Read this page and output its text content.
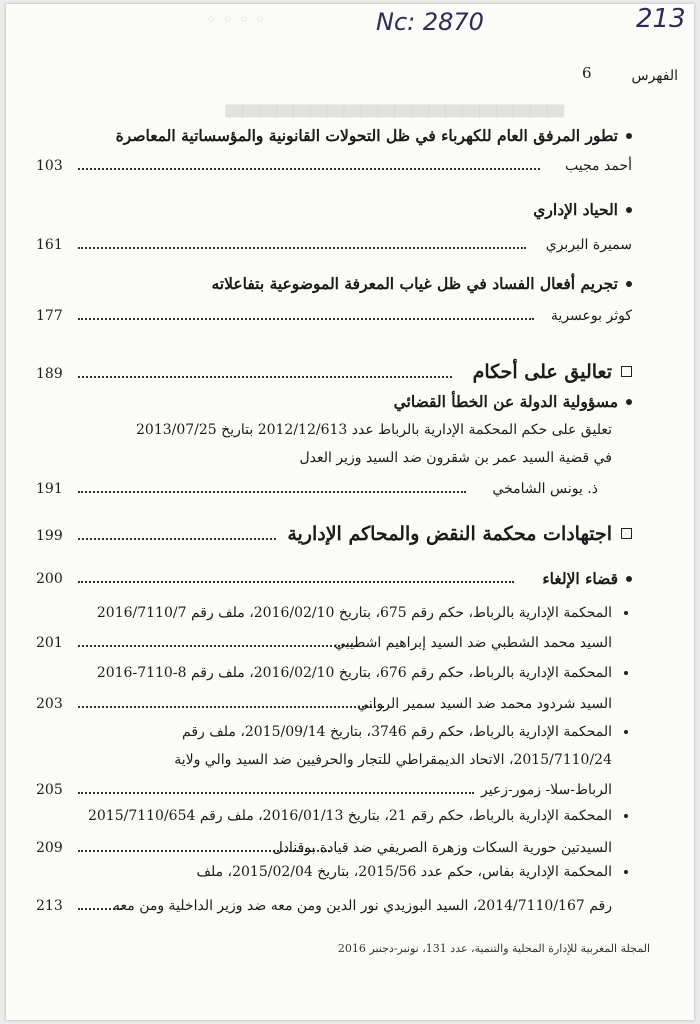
◦ ◦ ◦ ◦	Nc: 2870	213
▄▄▄▄▄▄▄▄▄▄▄▄▄▄▄▄▄▄▄▄
6	الفهرس
تطور المرفق العام للكهرباء في ظل التحولات القانونية والمؤسساتية المعاصرة
103	أحمد مجيب
الحياد الإداري
161	سميرة البربري
تجريم أفعال الفساد في ظل غياب المعرفة الموضوعية بتفاعلاته
177	كوثر بوعسرية
189	تعاليق على أحكام
مسؤولية الدولة عن الخطأ القضائي
تعليق على حكم المحكمة الإدارية بالرباط عدد 2012/12/613 بتاريخ 2013/07/25
في قضية السيد عمر بن شقرون ضد السيد وزير العدل
191	ذ. يونس الشامخي
199	اجتهادات محكمة النقض والمحاكم الإدارية
200	قضاء الإلغاء
المحكمة الإدارية بالرباط، حكم رقم 675، بتاريخ 2016/02/10، ملف رقم 2016/7110/7
201	السيد محمد الشطبي ضد السيد إبراهيم اشطيبي
المحكمة الإدارية بالرباط، حكم رقم 676، بتاريخ 2016/02/10، ملف رقم 8-7110-2016
203	السيد شردود محمد ضد السيد سمير الرواني
المحكمة الإدارية بالرباط، حكم رقم 3746، بتاريخ 2015/09/14، ملف رقم
2015/7110/24، الاتحاد الديمقراطي للتجار والحرفيين ضد السيد والي ولاية
205	الرباط-سلا- زمور-زعير
المحكمة الإدارية بالرباط، حكم رقم 21، بتاريخ 2016/01/13، ملف رقم 2015/7110/654
209	السيدتين حورية السكات وزهرة الصريفي ضد قيادة بوقنادل
المحكمة الإدارية بفاس، حكم عدد 2015/56، بتاريخ 2015/02/04، ملف
213	رقم 2014/7110/167، السيد البوزيدي نور الدين ومن معه ضد وزير الداخلية ومن معه
المجلة المغربية للإدارة المحلية والتنمية، عدد 131، نونبر-دجنبر 2016
